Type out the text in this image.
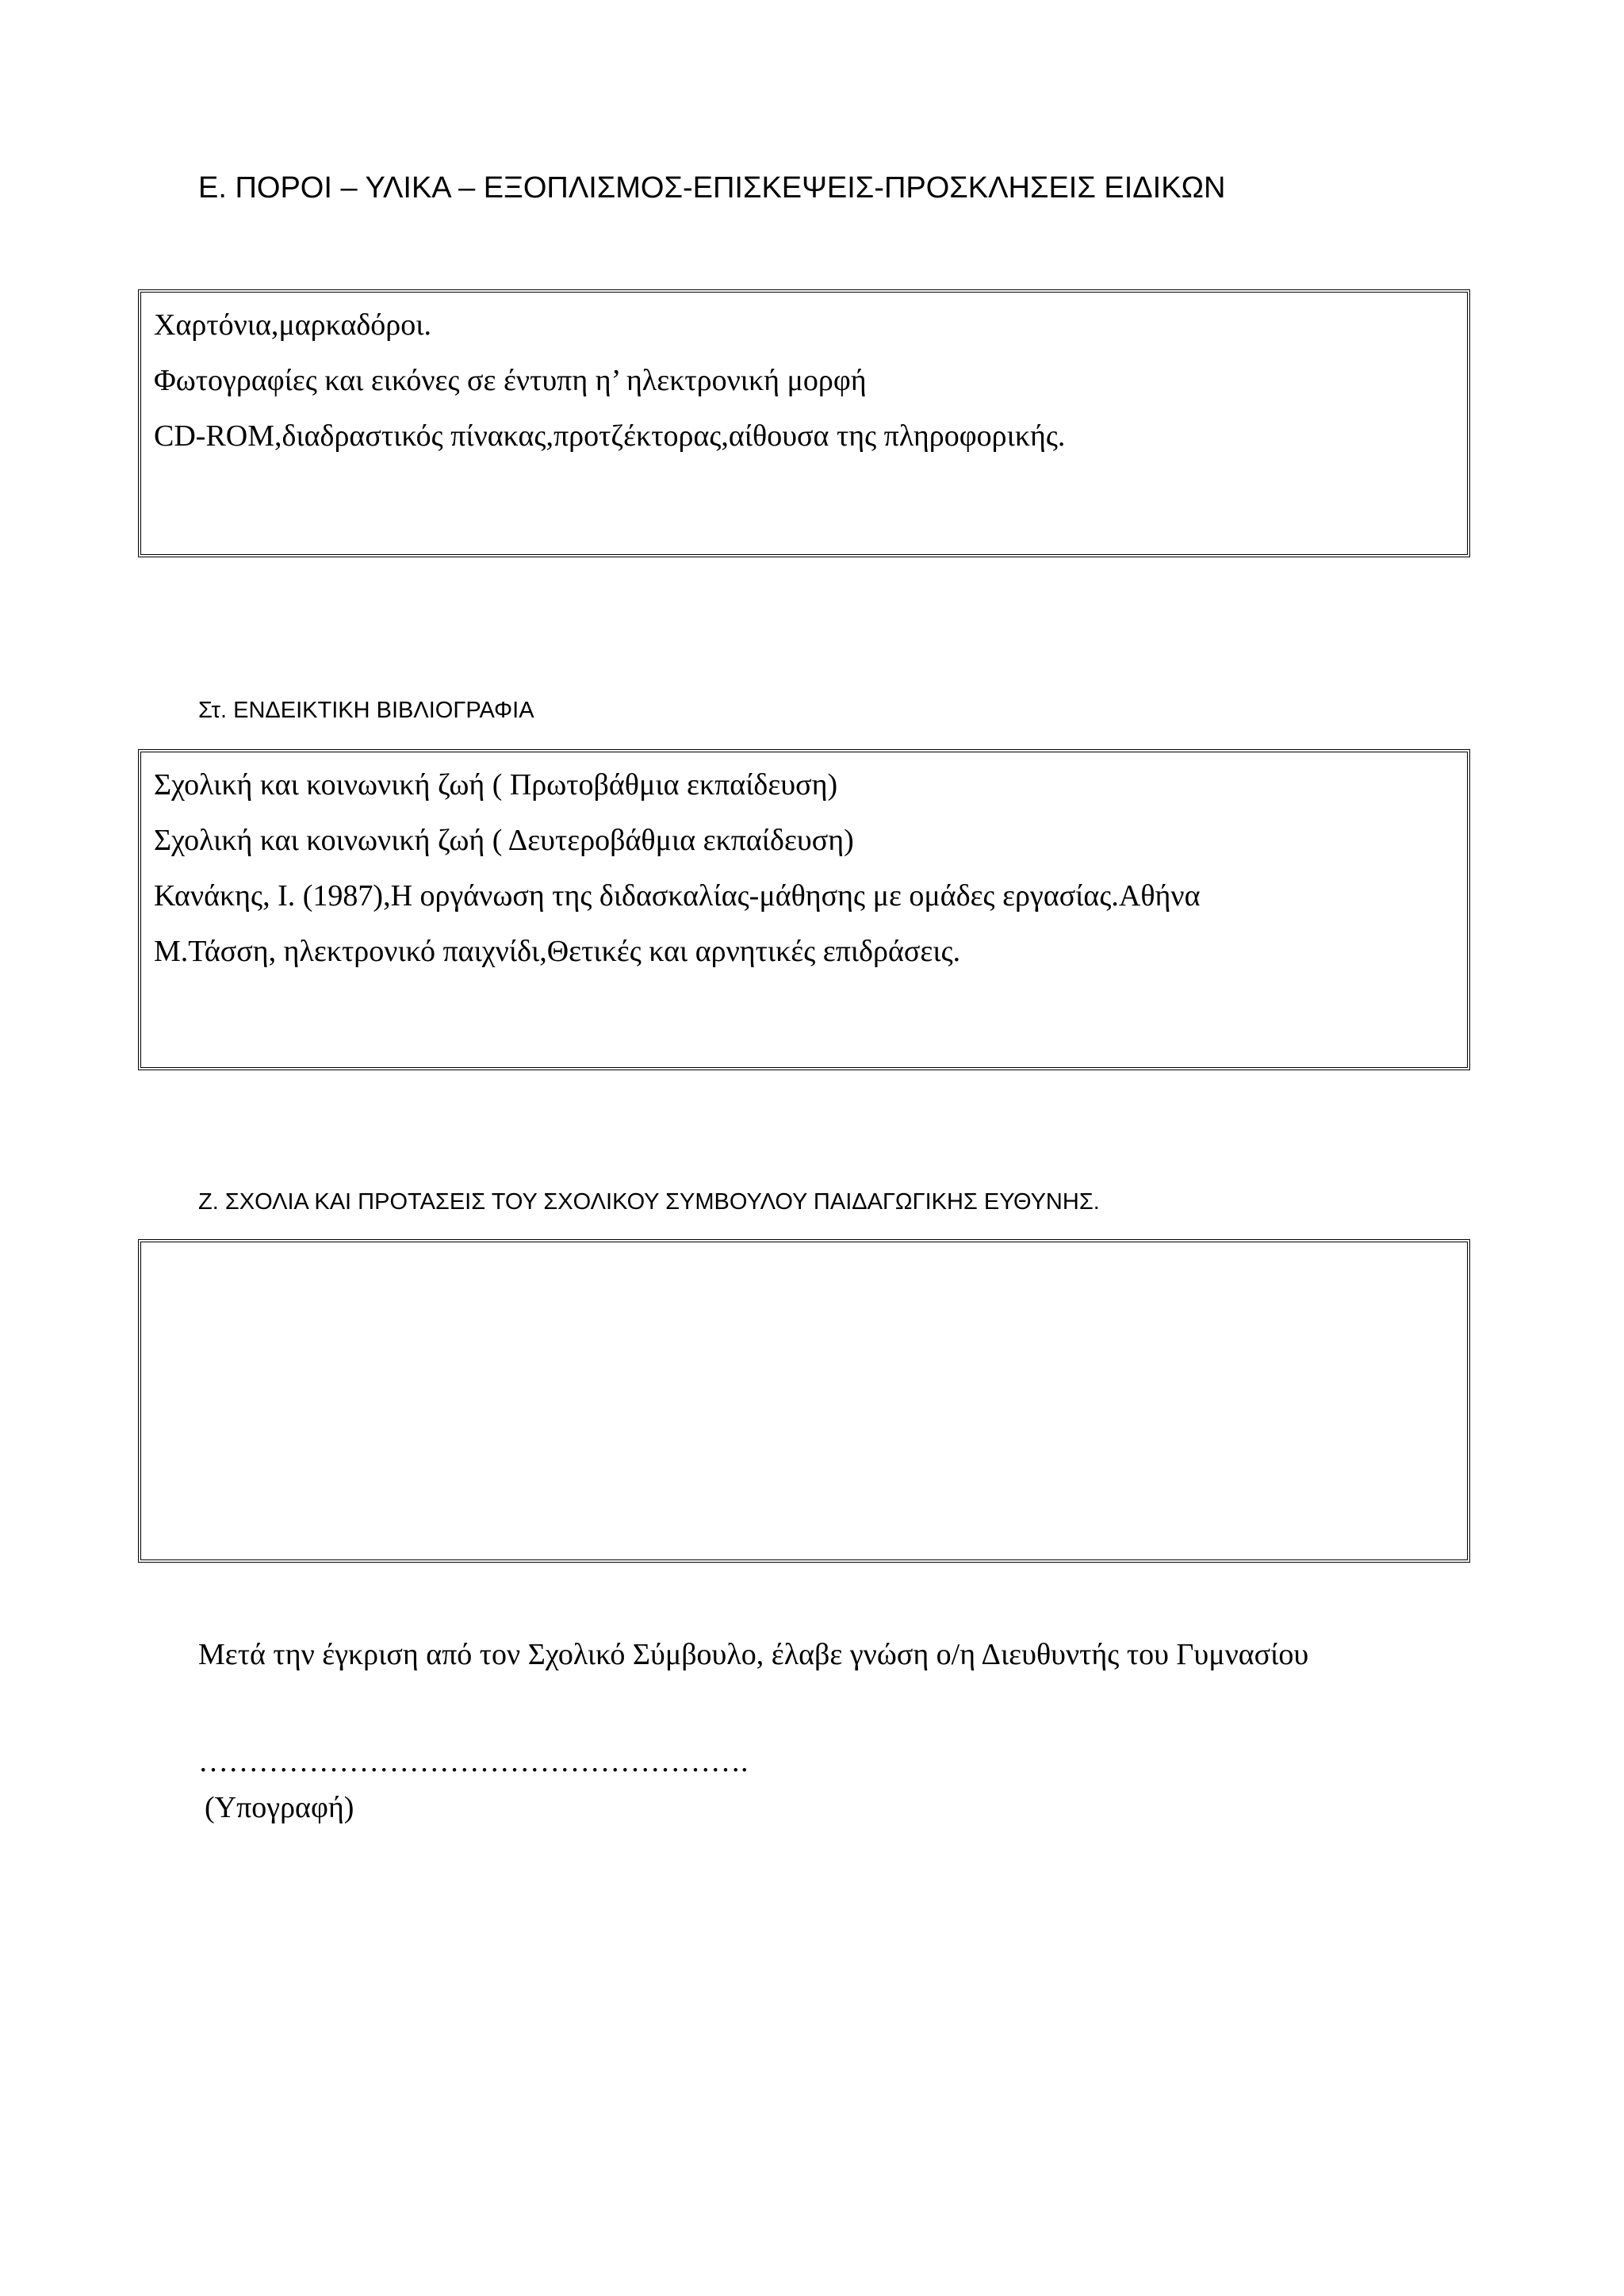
Ε. ΠΟΡΟΙ – ΥΛΙΚΑ – ΕΞΟΠΛΙΣΜΟΣ-ΕΠΙΣΚΕΨΕΙΣ-ΠΡΟΣΚΛΗΣΕΙΣ ΕΙΔΙΚΩΝ
Χαρτόνια,μαρκαδόροι.
Φωτογραφίες και εικόνες σε έντυπη η’ ηλεκτρονική μορφή
CD-ROM,διαδραστικός πίνακας,προτζέκτορας,αίθουσα της πληροφορικής.
Στ. ΕΝΔΕΙΚΤΙΚΗ ΒΙΒΛΙΟΓΡΑΦΙΑ
Σχολική και κοινωνική ζωή ( Πρωτοβάθμια εκπαίδευση)
Σχολική και κοινωνική ζωή ( Δευτεροβάθμια εκπαίδευση)
Κανάκης, Ι. (1987),Η οργάνωση της διδασκαλίας-μάθησης με ομάδες εργασίας.Αθήνα
Μ.Τάσση, ηλεκτρονικό παιχνίδι,Θετικές και αρνητικές επιδράσεις.
Ζ. ΣΧΟΛΙΑ ΚΑΙ ΠΡΟΤΑΣΕΙΣ ΤΟΥ ΣΧΟΛΙΚΟΥ ΣΥΜΒΟΥΛΟΥ ΠΑΙΔΑΓΩΓΙΚΗΣ ΕΥΘΥΝΗΣ.
Μετά την έγκριση από τον Σχολικό Σύμβουλο, έλαβε γνώση ο/η Διευθυντής του Γυμνασίου
……………………………………………….
(Υπογραφή)
